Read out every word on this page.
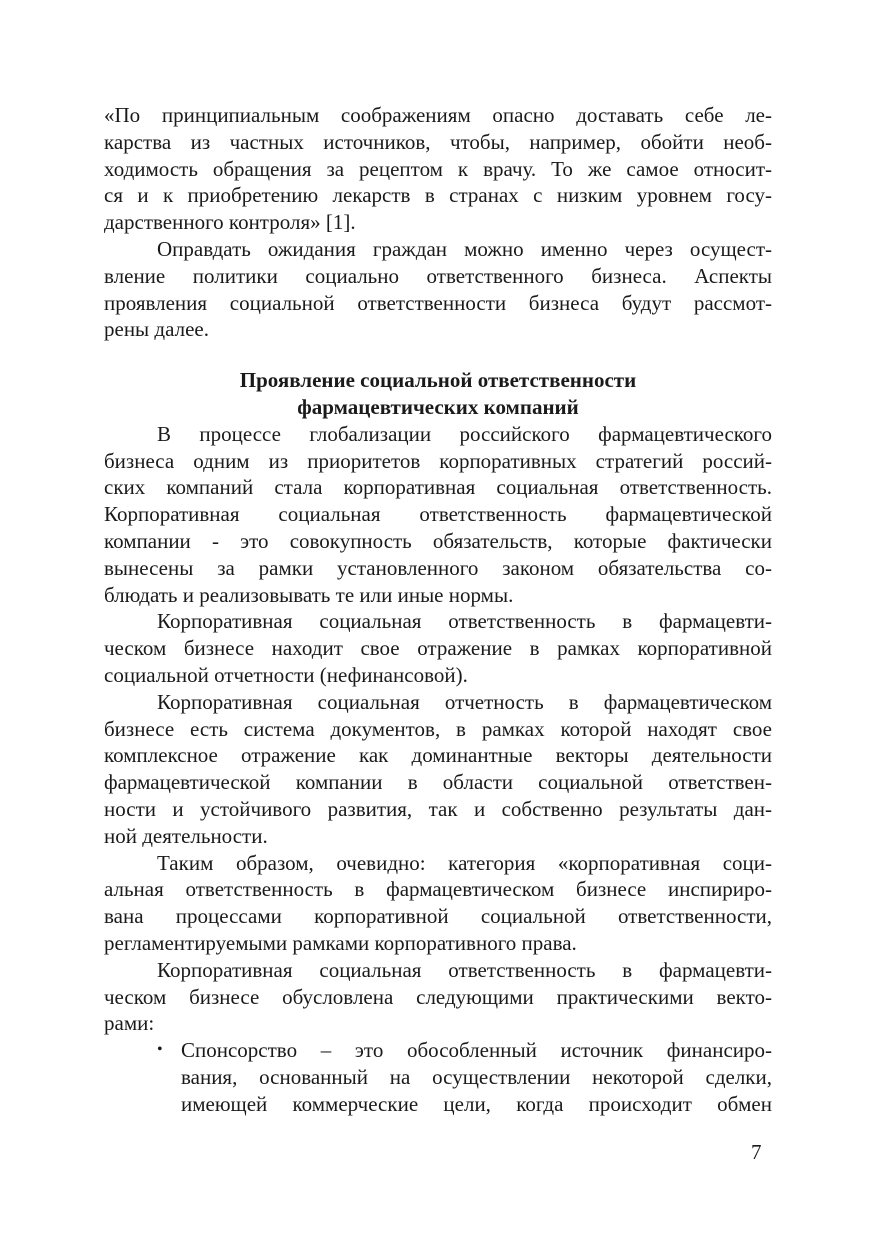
«По принципиальным соображениям опасно доставать себе ле-
карства из частных источников, чтобы, например, обойти необ-
ходимость обращения за рецептом к врачу. То же самое относит-
ся и к приобретению лекарств в странах с низким уровнем госу-
дарственного контроля» [1].

Оправдать ожидания граждан можно именно через осущест-
вление политики социально ответственного бизнеса. Аспекты
проявления социальной ответственности бизнеса будут рассмот-
рены далее.

Проявление социальной ответственности
фармацевтических компаний

В процессе глобализации российского фармацевтического
бизнеса одним из приоритетов корпоративных стратегий россий-
ских компаний стала корпоративная социальная ответственность.
Корпоративная социальная ответственность фармацевтической
компании - это совокупность обязательств, которые фактически
вынесены за рамки установленного законом обязательства со-
блюдать и реализовывать те или иные нормы.

Корпоративная социальная ответственность в фармацевти-
ческом бизнесе находит свое отражение в рамках корпоративной
социальной отчетности (нефинансовой).

Корпоративная социальная отчетность в фармацевтическом
бизнесе есть система документов, в рамках которой находят свое
комплексное отражение как доминантные векторы деятельности
фармацевтической компании в области социальной ответствен-
ности и устойчивого развития, так и собственно результаты дан-
ной деятельности.

Таким образом, очевидно: категория «корпоративная соци-
альная ответственность в фармацевтическом бизнесе инспириро-
вана процессами корпоративной социальной ответственности,
регламентируемыми рамками корпоративного права.

Корпоративная социальная ответственность в фармацевти-
ческом бизнесе обусловлена следующими практическими векто-
рами:

• Спонсорство – это обособленный источник финансиро-
вания, основанный на осуществлении некоторой сделки,
имеющей коммерческие цели, когда происходит обмен
7
